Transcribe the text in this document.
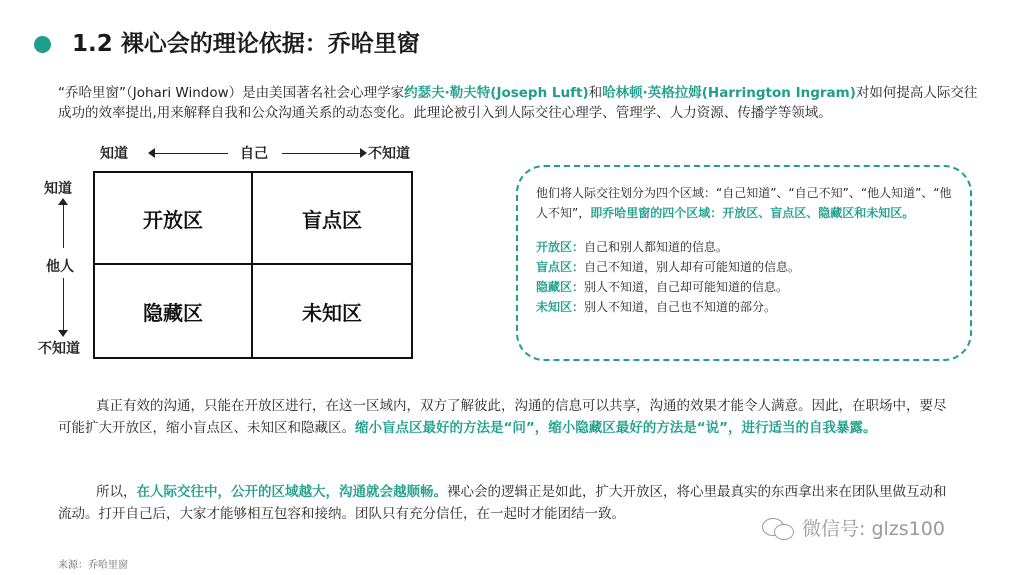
1.2 裸心会的理论依据：乔哈里窗
“乔哈里窗”（Johari Window）是由美国著名社会心理学家约瑟夫·勒夫特(Joseph Luft)和哈林顿·英格拉姆(Harrington Ingram)对如何提高人际交往成功的效率提出,用来解释自我和公众沟通关系的动态变化。此理论被引入到人际交往心理学、管理学、人力资源、传播学等领域。
知道	自己	不知道
知道
他人
不知道
开放区	盲点区
隐藏区	未知区

他们将人际交往划分为四个区域：“自己知道”、“自己不知”、“他人知道”、“他人不知”，即乔哈里窗的四个区域：开放区、盲点区、隐藏区和未知区。

开放区：自己和别人都知道的信息。

盲点区：自己不知道，别人却有可能知道的信息。

隐藏区：别人不知道，自己却可能知道的信息。

未知区：别人不知道，自己也不知道的部分。

真正有效的沟通，只能在开放区进行，在这一区域内，双方了解彼此，沟通的信息可以共享，沟通的效果才能令人满意。因此，在职场中，要尽可能扩大开放区，缩小盲点区、未知区和隐藏区。缩小盲点区最好的方法是“问”，缩小隐藏区最好的方法是“说”，进行适当的自我暴露。
所以，在人际交往中，公开的区域越大，沟通就会越顺畅。裸心会的逻辑正是如此，扩大开放区，将心里最真实的东西拿出来在团队里做互动和流动。打开自己后，大家才能够相互包容和接纳。团队只有充分信任，在一起时才能团结一致。
微信号: glzs100
来源：乔哈里窗
